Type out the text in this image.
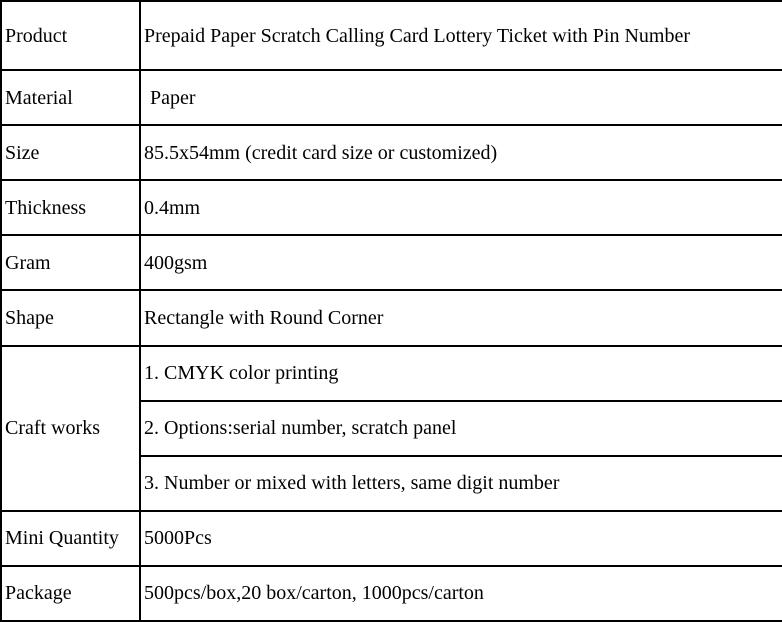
Product	Prepaid Paper Scratch Calling Card Lottery Ticket with Pin Number
Material	Paper
Size	85.5x54mm (credit card size or customized)
Thickness	0.4mm
Gram	400gsm
Shape	Rectangle with Round Corner
Craft works	1. CMYK color printing
	2. Options:serial number, scratch panel
	3. Number or mixed with letters, same digit number
Mini Quantity	5000Pcs
Package	500pcs/box,20 box/carton, 1000pcs/carton
